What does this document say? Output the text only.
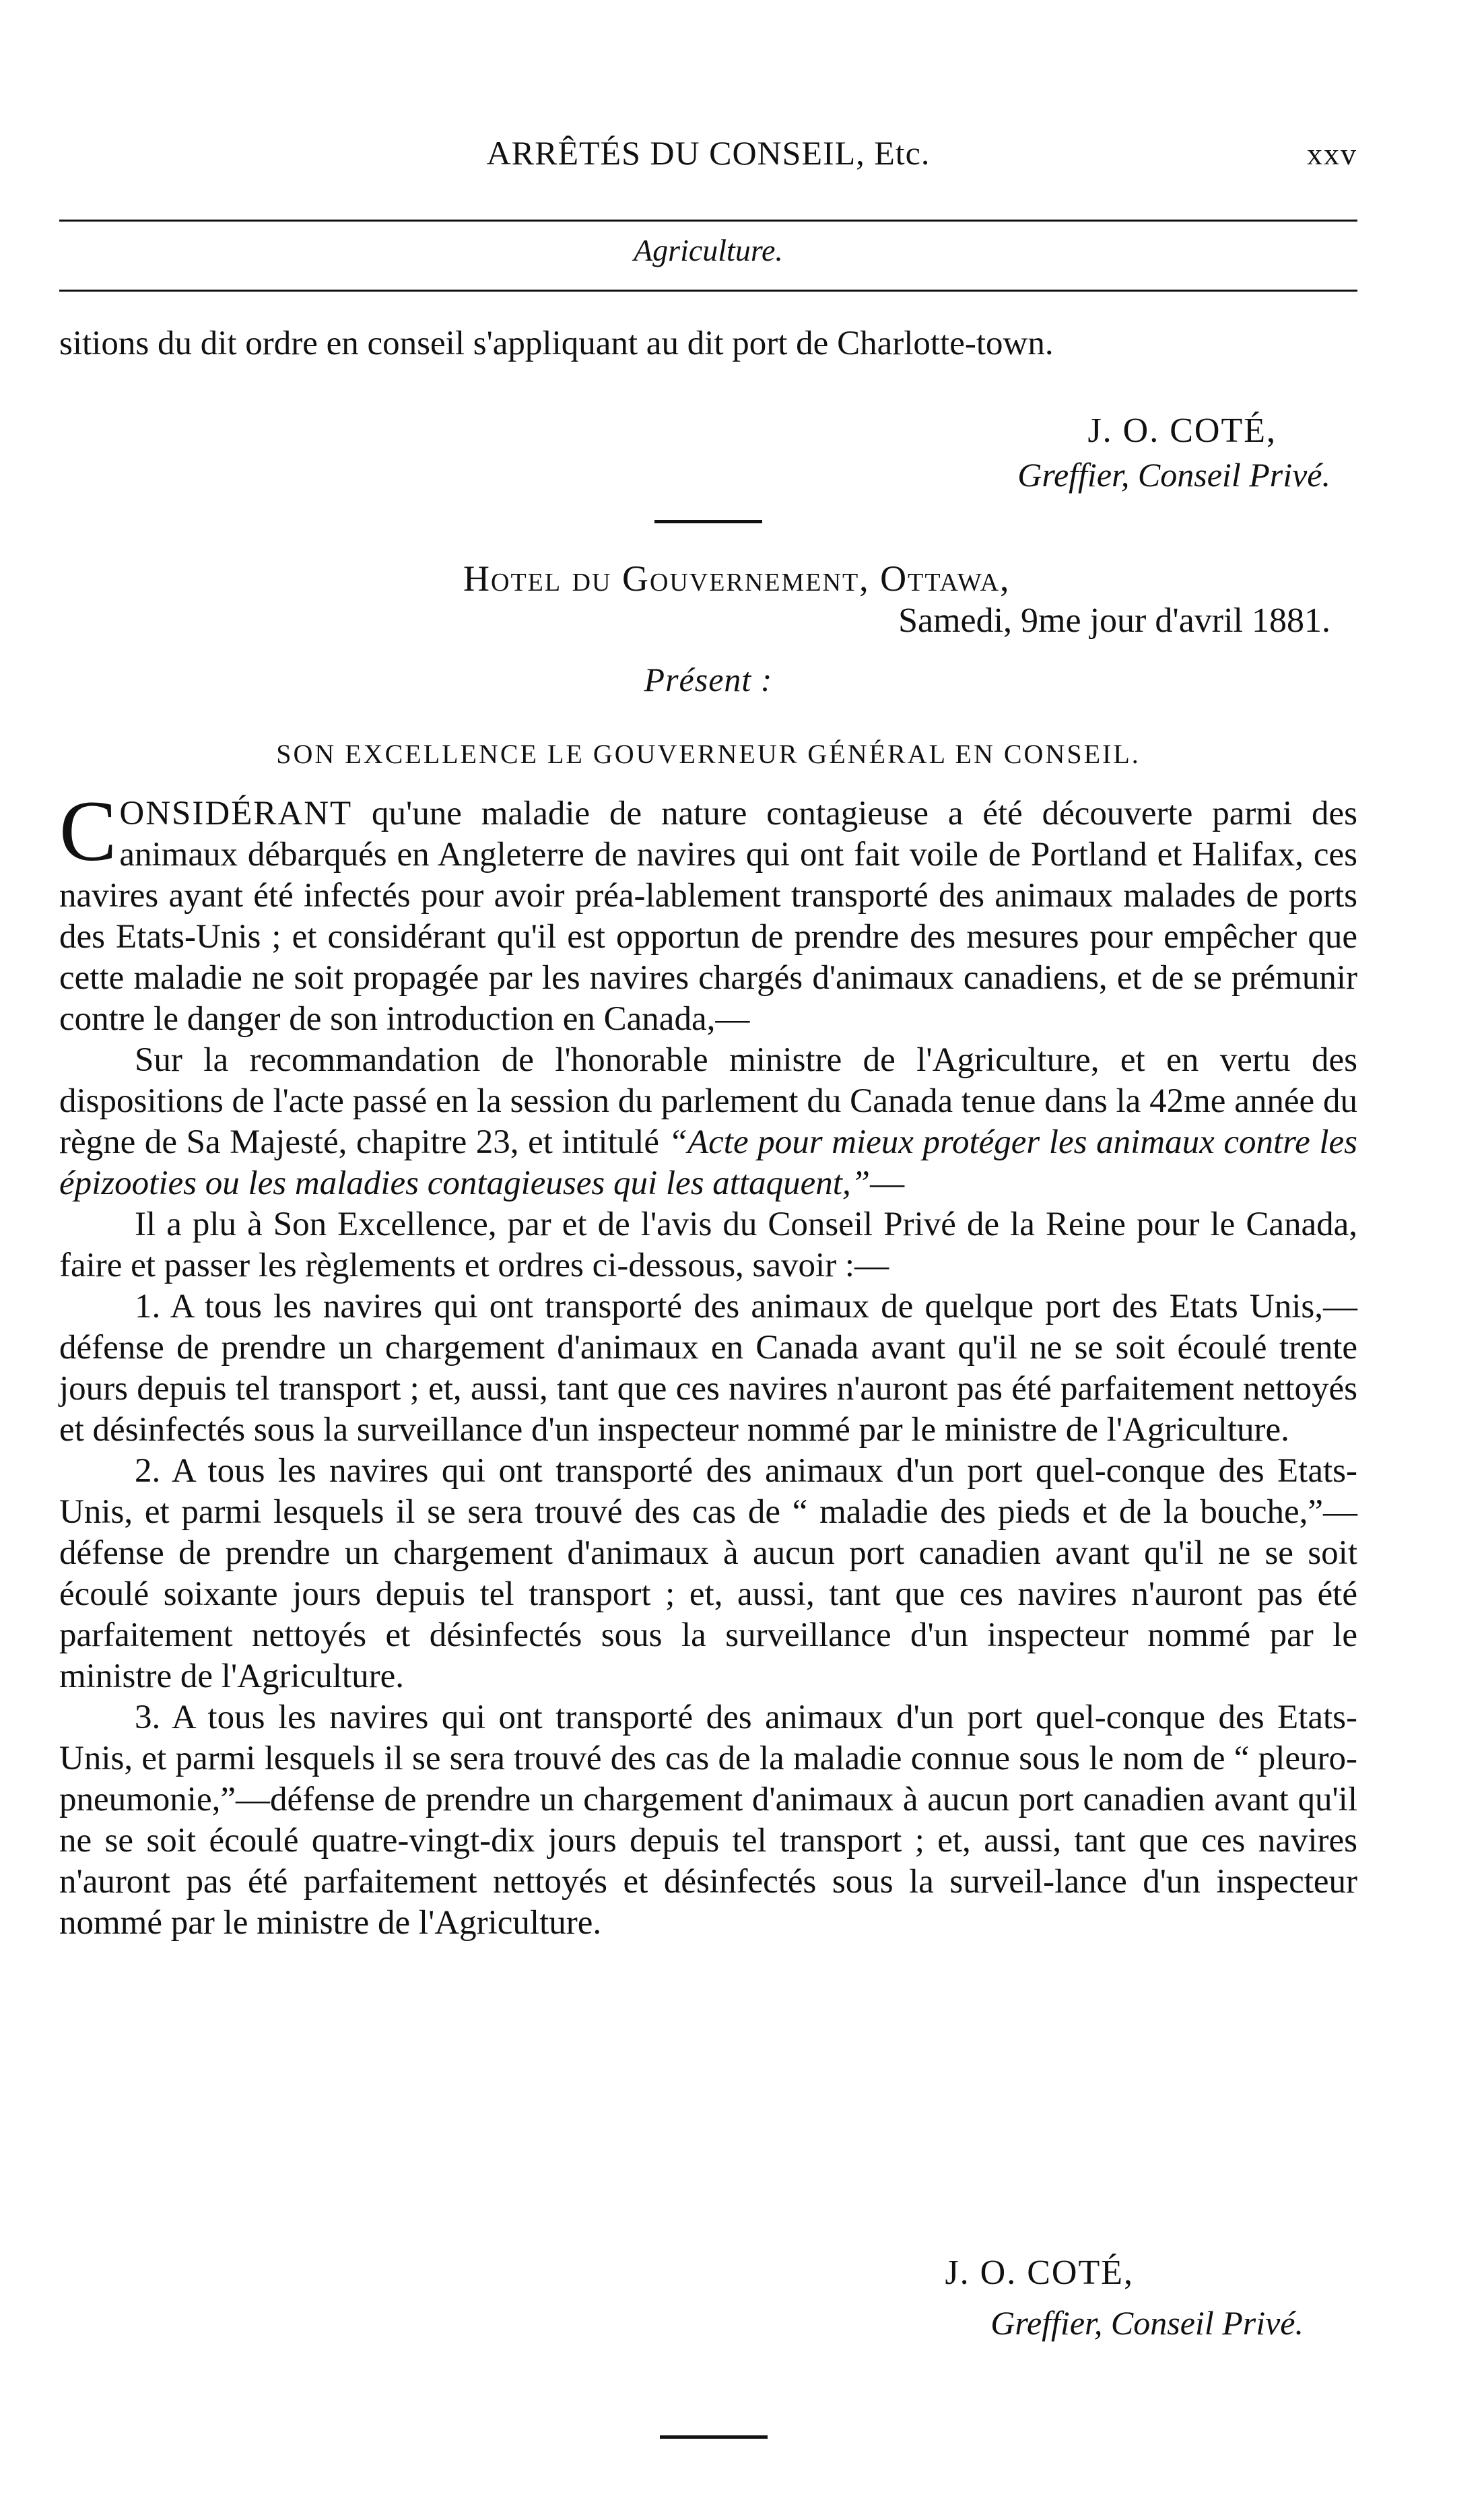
ARRÊTÉS DU CONSEIL, Etc.	xxv
Agriculture.

sitions du dit ordre en conseil s'appliquant au dit port de Charlotte-town.

J. O. COTÉ,
Greffier, Conseil Privé.
Hotel du Gouvernement, Ottawa,
Samedi, 9me jour d'avril 1881.
Présent :
SON EXCELLENCE LE GOUVERNEUR GÉNÉRAL EN CONSEIL.

CONSIDÉRANT qu'une maladie de nature contagieuse a été découverte parmi des animaux débarqués en Angleterre de navires qui ont fait voile de Portland et Halifax, ces navires ayant été infectés pour avoir préa-lablement transporté des animaux malades de ports des Etats-Unis ; et considérant qu'il est opportun de prendre des mesures pour empêcher que cette maladie ne soit propagée par les navires chargés d'animaux canadiens, et de se prémunir contre le danger de son introduction en Canada,—

Sur la recommandation de l'honorable ministre de l'Agriculture, et en vertu des dispositions de l'acte passé en la session du parlement du Canada tenue dans la 42me année du règne de Sa Majesté, chapitre 23, et intitulé “Acte pour mieux protéger les animaux contre les épizooties ou les maladies contagieuses qui les attaquent,”—

Il a plu à Son Excellence, par et de l'avis du Conseil Privé de la Reine pour le Canada, faire et passer les règlements et ordres ci-dessous, savoir :—

1. A tous les navires qui ont transporté des animaux de quelque port des Etats Unis,—défense de prendre un chargement d'animaux en Canada avant qu'il ne se soit écoulé trente jours depuis tel transport ; et, aussi, tant que ces navires n'auront pas été parfaitement nettoyés et désinfectés sous la surveillance d'un inspecteur nommé par le ministre de l'Agriculture.

2. A tous les navires qui ont transporté des animaux d'un port quel-conque des Etats-Unis, et parmi lesquels il se sera trouvé des cas de “ maladie des pieds et de la bouche,”—défense de prendre un chargement d'animaux à aucun port canadien avant qu'il ne se soit écoulé soixante jours depuis tel transport ; et, aussi, tant que ces navires n'auront pas été parfaitement nettoyés et désinfectés sous la surveillance d'un inspecteur nommé par le ministre de l'Agriculture.

3. A tous les navires qui ont transporté des animaux d'un port quel-conque des Etats-Unis, et parmi lesquels il se sera trouvé des cas de la maladie connue sous le nom de “ pleuro-pneumonie,”—défense de prendre un chargement d'animaux à aucun port canadien avant qu'il ne se soit écoulé quatre-vingt-dix jours depuis tel transport ; et, aussi, tant que ces navires n'auront pas été parfaitement nettoyés et désinfectés sous la surveil-lance d'un inspecteur nommé par le ministre de l'Agriculture.

J. O. COTÉ,
Greffier, Conseil Privé.
